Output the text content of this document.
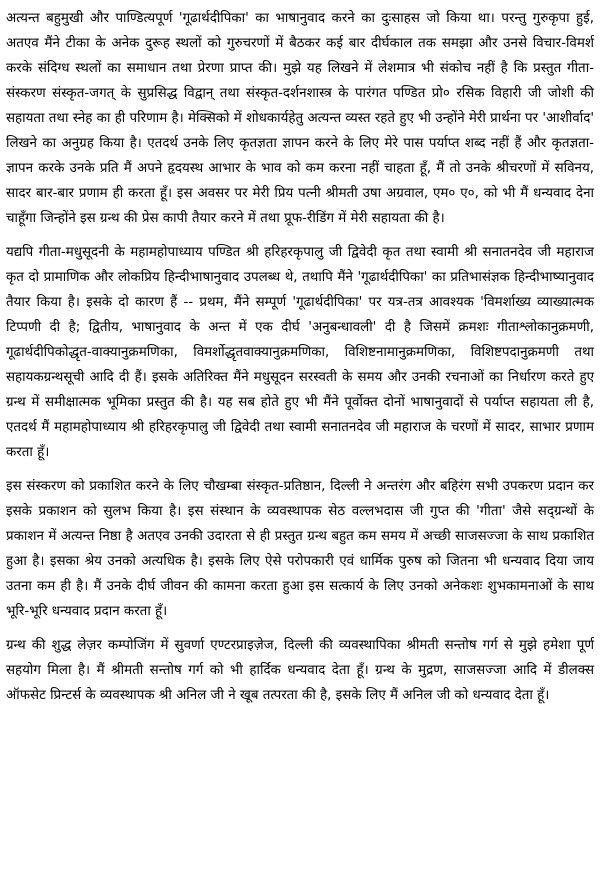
अत्यन्त बहुमुखी और पाण्डित्यपूर्ण 'गूढार्थदीपिका' का भाषानुवाद करने का दुःसाहस जो किया था। परन्तु गुरुकृपा हुई, अतएव मैंने टीका के अनेक दुरूह स्थलों को गुरुचरणों में बैठकर कई बार दीर्घकाल तक समझा और उनसे विचार-विमर्श करके संदिग्ध स्थलों का समाधान तथा प्रेरणा प्राप्त की। मुझे यह लिखने में लेशमात्र भी संकोच नहीं है कि प्रस्तुत गीता-संस्करण संस्कृत-जगत् के सुप्रसिद्ध विद्वान् तथा संस्कृत-दर्शनशास्त्र के पारंगत पण्डित प्रो० रसिक विहारी जी जोशी की सहायता तथा स्नेह का ही परिणाम है। मेक्सिको में शोधकार्यहेतु अत्यन्त व्यस्त रहते हुए भी उन्होंने मेरी प्रार्थना पर 'आशीर्वाद' लिखने का अनुग्रह किया है। एतदर्थ उनके लिए कृतज्ञता ज्ञापन करने के लिए मेरे पास पर्याप्त शब्द नहीं हैं और कृतज्ञता-ज्ञापन करके उनके प्रति मैं अपने हृदयस्थ आभार के भाव को कम करना नहीं चाहता हूँ, मैं तो उनके श्रीचरणों में सविनय, सादर बार-बार प्रणाम ही करता हूँ। इस अवसर पर मेरी प्रिय पत्नी श्रीमती उषा अग्रवाल, एम० ए०, को भी मैं धन्यवाद देना चाहूँगा जिन्होंने इस ग्रन्थ की प्रेस कापी तैयार करने में तथा प्रूफ-रीडिंग में मेरी सहायता की है।

यद्यपि गीता-मधुसूदनी के महामहोपाध्याय पण्डित श्री हरिहरकृपालु जी द्विवेदी कृत तथा स्वामी श्री सनातनदेव जी महाराज कृत दो प्रामाणिक और लोकप्रिय हिन्दीभाषानुवाद उपलब्ध थे, तथापि मैंने 'गूढार्थदीपिका' का प्रतिभासंज्ञक हिन्दीभाष्यानुवाद तैयार किया है। इसके दो कारण हैं -- प्रथम, मैंने सम्पूर्ण 'गूढार्थदीपिका' पर यत्र-तत्र आवश्यक 'विमर्शाख्य व्याख्यात्मक टिप्पणी दी है; द्वितीय, भाषानुवाद के अन्त में एक दीर्घ 'अनुबन्धावली' दी है जिसमें क्रमशः गीताश्लोकानुक्रमणी, गूढार्थदीपिकोद्धृत-वाक्यानुक्रमणिका, विमर्शोद्धृतवाक्यानुक्रमणिका, विशिष्टनामानुक्रमणिका, विशिष्टपदानुक्रमणी तथा सहायकग्रन्थसूची आदि दी हैं। इसके अतिरिक्त मैंने मधुसूदन सरस्वती के समय और उनकी रचनाओं का निर्धारण करते हुए ग्रन्थ में समीक्षात्मक भूमिका प्रस्तुत की है। यह सब होते हुए भी मैंने पूर्वोक्त दोनों भाषानुवादों से पर्याप्त सहायता ली है, एतदर्थ मैं महामहोपाध्याय श्री हरिहरकृपालु जी द्विवेदी तथा स्वामी सनातनदेव जी महाराज के चरणों में सादर, साभार प्रणाम करता हूँ।

इस संस्करण को प्रकाशित करने के लिए चौखम्बा संस्कृत-प्रतिष्ठान, दिल्ली ने अन्तरंग और बहिरंग सभी उपकरण प्रदान कर इसके प्रकाशन को सुलभ किया है। इस संस्थान के व्यवस्थापक सेठ वल्लभदास जी गुप्त की 'गीता' जैसे सद्ग्रन्थों के प्रकाशन में अत्यन्त निष्ठा है अतएव उनकी उदारता से ही प्रस्तुत ग्रन्थ बहुत कम समय में अच्छी साजसज्जा के साथ प्रकाशित हुआ है। इसका श्रेय उनको अत्यधिक है। इसके लिए ऐसे परोपकारी एवं धार्मिक पुरुष को जितना भी धन्यवाद दिया जाय उतना कम ही है। मैं उनके दीर्घ जीवन की कामना करता हुआ इस सत्कार्य के लिए उनको अनेकशः शुभकामनाओं के साथ भूरि-भूरि धन्यवाद प्रदान करता हूँ।

ग्रन्थ की शुद्ध लेज़र कम्पोजिंग में सुवर्णा एण्टरप्राइज़ेज, दिल्ली की व्यवस्थापिका श्रीमती सन्तोष गर्ग से मुझे हमेशा पूर्ण सहयोग मिला है। मैं श्रीमती सन्तोष गर्ग को भी हार्दिक धन्यवाद देता हूँ। ग्रन्थ के मुद्रण, साजसज्जा आदि में डीलक्स ऑफसेट प्रिन्टर्स के व्यवस्थापक श्री अनिल जी ने खूब तत्परता की है, इसके लिए मैं अनिल जी को धन्यवाद देता हूँ।
